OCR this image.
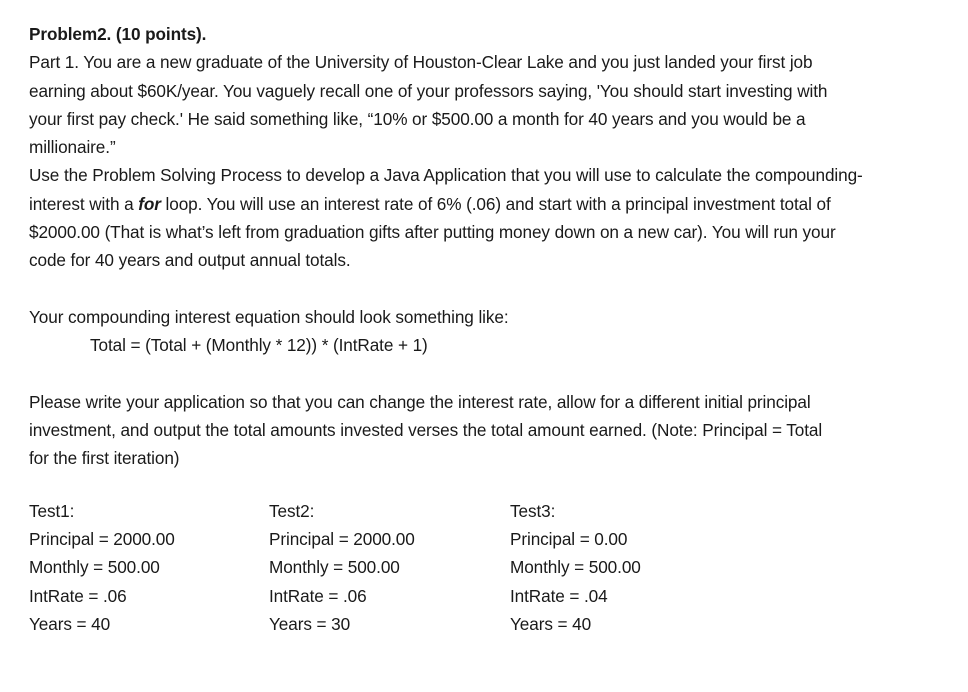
Problem2. (10 points).
Part 1. You are a new graduate of the University of Houston-Clear Lake and you just landed your first job
earning about $60K/year. You vaguely recall one of your professors saying, 'You should start investing with
your first pay check.' He said something like, “10% or $500.00 a month for 40 years and you would be a
millionaire.”
Use the Problem Solving Process to develop a Java Application that you will use to calculate the compounding-
interest with a for loop. You will use an interest rate of 6% (.06) and start with a principal investment total of
$2000.00 (That is what’s left from graduation gifts after putting money down on a new car). You will run your
code for 40 years and output annual totals.
Your compounding interest equation should look something like:
Total = (Total + (Monthly * 12)) * (IntRate + 1)
Please write your application so that you can change the interest rate, allow for a different initial principal
investment, and output the total amounts invested verses the total amount earned. (Note: Principal = Total
for the first iteration)
Test1:
Principal = 2000.00
Monthly = 500.00
IntRate = .06
Years = 40
Test2:
Principal = 2000.00
Monthly = 500.00
IntRate = .06
Years = 30
Test3:
Principal = 0.00
Monthly = 500.00
IntRate = .04
Years = 40
